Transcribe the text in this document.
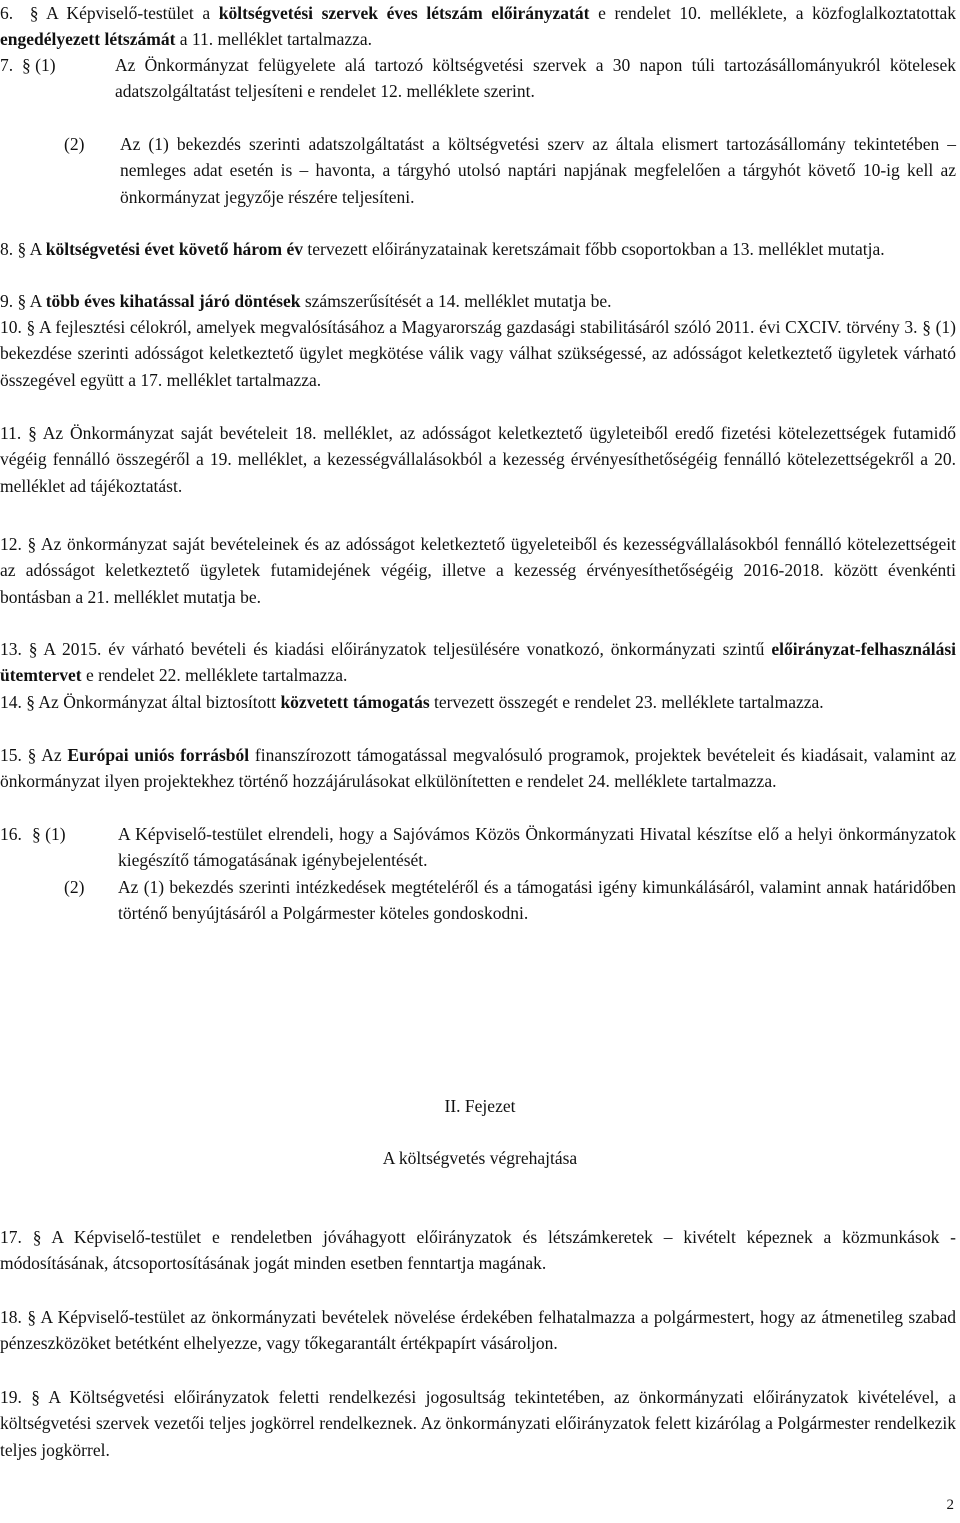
6. § A Képviselő-testület a költségvetési szervek éves létszám előirányzatát e rendelet 10. melléklete, a közfoglalkoztatottak engedélyezett létszámát a 11. melléklet tartalmazza.
7. § (1)	Az Önkormányzat felügyelete alá tartozó költségvetési szervek a 30 napon túli tartozásállományukról kötelesek adatszolgáltatást teljesíteni e rendelet 12. melléklete szerint.
(2) Az (1) bekezdés szerinti adatszolgáltatást a költségvetési szerv az általa elismert tartozásállomány tekintetében – nemleges adat esetén is – havonta, a tárgyhó utolsó naptári napjának megfelelően a tárgyhót követő 10-ig kell az önkormányzat jegyzője részére teljesíteni.
8. § A költségvetési évet követő három év tervezett előirányzatainak keretszámait főbb csoportokban a 13. melléklet mutatja.
9. § A több éves kihatással járó döntések számszerűsítését a 14. melléklet mutatja be.
10. § A fejlesztési célokról, amelyek megvalósításához a Magyarország gazdasági stabilitásáról szóló 2011. évi CXCIV. törvény 3. § (1) bekezdése szerinti adósságot keletkeztető ügylet megkötése válik vagy válhat szükségessé, az adósságot keletkeztető ügyletek várható összegével együtt a 17. melléklet tartalmazza.
11. § Az Önkormányzat saját bevételeit 18. melléklet, az adósságot keletkeztető ügyleteiből eredő fizetési kötelezettségek futamidő végéig fennálló összegéről a 19. melléklet, a kezességvállalásokból a kezesség érvényesíthetőségéig fennálló kötelezettségekről a 20. melléklet ad tájékoztatást.
12. § Az önkormányzat saját bevételeinek és az adósságot keletkeztető ügyeleteiből és kezességvállalásokból fennálló kötelezettségeit az adósságot keletkeztető ügyletek futamidejének végéig, illetve a kezesség érvényesíthetőségéig 2016-2018. között évenkénti bontásban a 21. melléklet mutatja be.
13. § A 2015. év várható bevételi és kiadási előirányzatok teljesülésére vonatkozó, önkormányzati szintű előirányzat-felhasználási ütemtervet e rendelet 22. melléklete tartalmazza.
14. § Az Önkormányzat által biztosított közvetett támogatás tervezett összegét e rendelet 23. melléklete tartalmazza.
15. § Az Európai uniós forrásból finanszírozott támogatással megvalósuló programok, projektek bevételeit és kiadásait, valamint az önkormányzat ilyen projektekhez történő hozzájárulásokat elkülönítetten e rendelet 24. melléklete tartalmazza.
16. § (1)	A Képviselő-testület elrendeli, hogy a Sajóvámos Közös Önkormányzati Hivatal készítse elő a helyi önkormányzatok kiegészítő támogatásának igénybejelentését.
(2) Az (1) bekezdés szerinti intézkedések megtételéről és a támogatási igény kimunkálásáról, valamint annak határidőben történő benyújtásáról a Polgármester köteles gondoskodni.
II. Fejezet
A költségvetés végrehajtása
17. § A Képviselő-testület e rendeletben jóváhagyott előirányzatok és létszámkeretek – kivételt képeznek a közmunkások - módosításának, átcsoportosításának jogát minden esetben fenntartja magának.
18. § A Képviselő-testület az önkormányzati bevételek növelése érdekében felhatalmazza a polgármestert, hogy az átmenetileg szabad pénzeszközöket betétként elhelyezze, vagy tőkegarantált értékpapírt vásároljon.
19. § A Költségvetési előirányzatok feletti rendelkezési jogosultság tekintetében, az önkormányzati előirányzatok kivételével, a költségvetési szervek vezetői teljes jogkörrel rendelkeznek. Az önkormányzati előirányzatok felett kizárólag a Polgármester rendelkezik teljes jogkörrel.
2
